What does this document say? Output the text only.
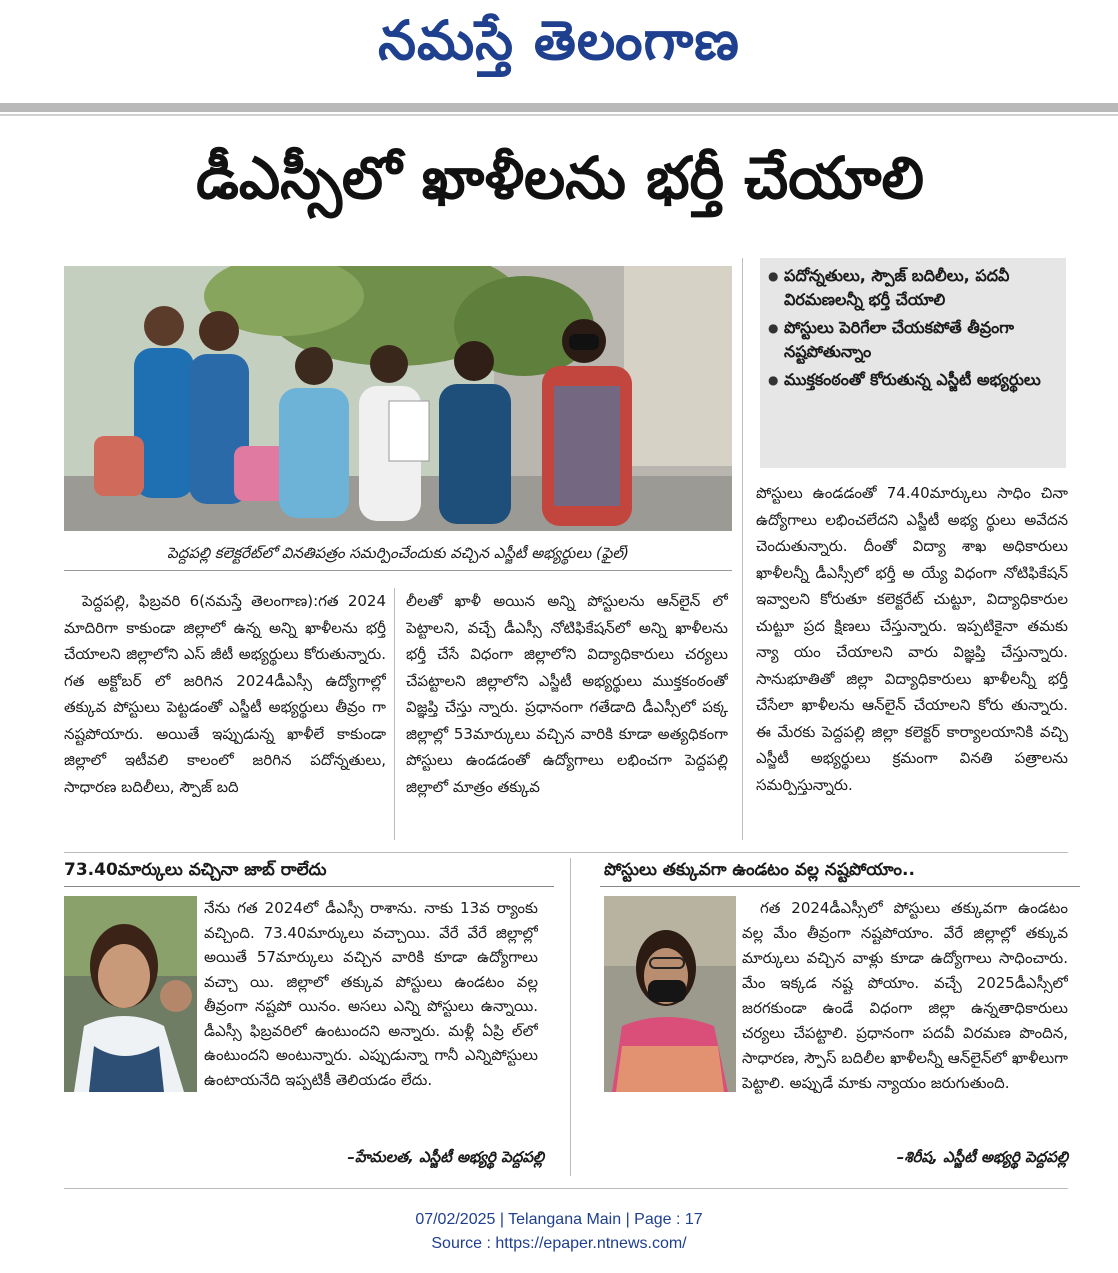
నమస్తే తెలంగాణ
డీఎస్సీలో ఖాళీలను భర్తీ చేయాలి
పెద్దపల్లి కలెక్టరేట్‌లో వినతిపత్రం సమర్పించేందుకు వచ్చిన ఎస్జీటీ అభ్యర్థులు (ఫైల్)
● పదోన్నతులు, స్పౌజ్ బదిలీలు, పదవీ విరమణలన్నీ భర్తీ చేయాలి
● పోస్టులు పెరిగేలా చేయకపోతే తీవ్రంగా నష్టపోతున్నాం
● ముక్తకంఠంతో కోరుతున్న ఎస్జీటీ అభ్యర్థులు

పెద్దపల్లి, ఫిబ్రవరి 6(నమస్తే తెలంగాణ):గత 2024 మాదిరిగా కాకుండా జిల్లాలో ఉన్న అన్ని ఖాళీలను భర్తీ చేయాలని జిల్లాలోని ఎస్ జీటీ అభ్యర్థులు కోరుతున్నారు. గత అక్టోబర్ లో జరిగిన 2024డీఎస్సీ ఉద్యోగాల్లో తక్కువ పోస్టులు పెట్టడంతో ఎస్జీటీ అభ్యర్థులు తీవ్రం గా నష్టపోయారు. అయితే ఇప్పుడున్న ఖాళీలే కాకుండా జిల్లాలో ఇటీవలి కాలంలో జరిగిన పదోన్నతులు, సాధారణ బదిలీలు, స్పౌజ్ బది

లీలతో ఖాళీ అయిన అన్ని పోస్టులను ఆన్‌లైన్ లో పెట్టాలని, వచ్చే డీఎస్సీ నోటిఫికేషన్‌లో అన్ని ఖాళీలను భర్తీ చేసే విధంగా జిల్లాలోని విద్యాధికారులు చర్యలు చేపట్టాలని జిల్లాలోని ఎస్జీటీ అభ్యర్థులు ముక్తకంఠంతో విజ్ఞప్తి చేస్తు న్నారు. ప్రధానంగా గతేడాది డీఎస్సీలో పక్క జిల్లాల్లో 53మార్కులు వచ్చిన వారికి కూడా అత్యధికంగా పోస్టులు ఉండడంతో ఉద్యోగాలు లభించగా పెద్దపల్లి జిల్లాలో మాత్రం తక్కువ

పోస్టులు ఉండడంతో 74.40మార్కులు సాధిం చినా ఉద్యోగాలు లభించలేదని ఎస్జీటీ అభ్య ర్థులు అవేదన చెందుతున్నారు. దీంతో విద్యా శాఖ అధికారులు ఖాళీలన్నీ డీఎస్సీలో భర్తీ అ య్యే విధంగా నోటిఫికేషన్ ఇవ్వాలని కోరుతూ కలెక్టరేట్ చుట్టూ, విద్యాధికారుల చుట్టూ ప్రద క్షిణలు చేస్తున్నారు. ఇప్పటికైనా తమకు న్యా యం చేయాలని వారు విజ్ఞప్తి చేస్తున్నారు. సానుభూతితో జిల్లా విద్యాధికారులు ఖాళీలన్నీ భర్తీ చేసేలా ఖాళీలను ఆన్‌లైన్ చేయాలని కోరు తున్నారు. ఈ మేరకు పెద్దపల్లి జిల్లా కలెక్టర్ కార్యాలయానికి వచ్చి ఎస్జీటీ అభ్యర్థులు క్రమంగా వినతి పత్రాలను సమర్పిస్తున్నారు.

73.40మార్కులు వచ్చినా జాబ్ రాలేదు

నేను గత 2024లో డీఎస్సీ రాశాను. నాకు 13వ ర్యాంకు వచ్చింది. 73.40మార్కులు వచ్చాయి. వేరే వేరే జిల్లాల్లో అయితే 57మార్కులు వచ్చిన వారికి కూడా ఉద్యోగాలు వచ్చా యి. జిల్లాలో తక్కువ పోస్టులు ఉండటం వల్ల తీవ్రంగా నష్టపో యినం. అసలు ఎన్ని పోస్టులు ఉన్నాయి. డీఎస్సీ ఫిబ్రవరిలో ఉంటుందని అన్నారు. మళ్లీ ఏప్రి ల్‌లో ఉంటుందని అంటున్నారు. ఎప్పుడున్నా గానీ ఎన్నిపోస్టులు ఉంటాయనేది ఇప్పటికీ తెలియడం లేదు.

–హేమలత, ఎస్జీటీ అభ్యర్థి పెద్దపల్లి
పోస్టులు తక్కువగా ఉండటం వల్ల నష్టపోయాం..

గత 2024డీఎస్సీలో పోస్టులు తక్కువగా ఉండటం వల్ల మేం తీవ్రంగా నష్టపోయాం. వేరే జిల్లాల్లో తక్కువ మార్కులు వచ్చిన వాళ్లు కూడా ఉద్యోగాలు సాధించారు. మేం ఇక్కడ నష్ట పోయాం. వచ్చే 2025డీఎస్సీలో జరగకుండా ఉండే విధంగా జిల్లా ఉన్నతాధికారులు చర్యలు చేపట్టాలి. ప్రధానంగా పదవీ విరమణ పొందిన, సాధారణ, స్పౌస్ బదిలీల ఖాళీలన్నీ ఆన్‌లైన్‌లో ఖాళీలుగా పెట్టాలి. అప్పుడే మాకు న్యాయం జరుగుతుంది.

–శిరీష, ఎస్జీటీ అభ్యర్థి పెద్దపల్లి
07/02/2025 | Telangana Main | Page : 17
Source : https://epaper.ntnews.com/
